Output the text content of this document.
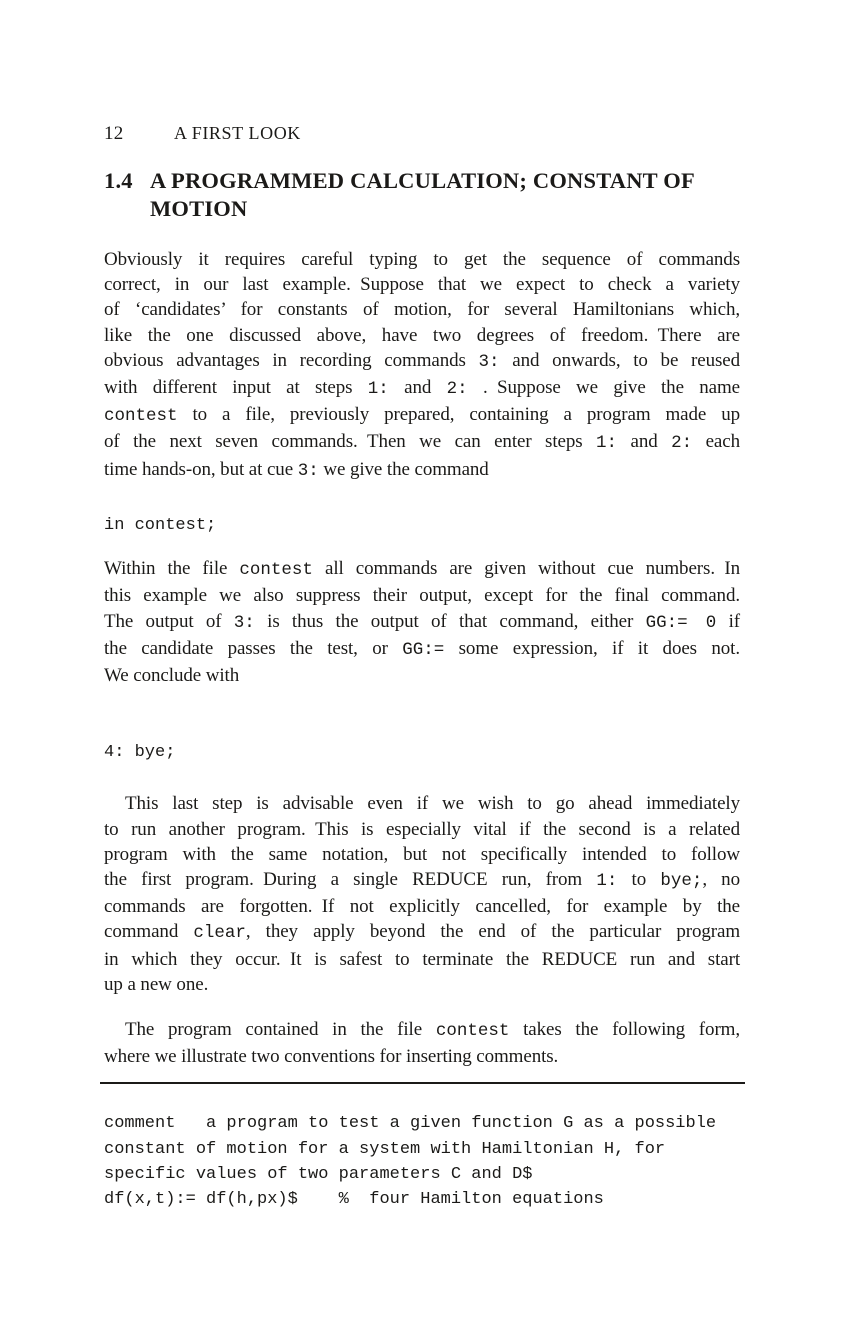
12	A FIRST LOOK
1.4 A PROGRAMMED CALCULATION; CONSTANT OF
MOTION
Obviously it requires careful typing to get the sequence of commands
correct, in our last example. Suppose that we expect to check a variety
of ‘candidates’ for constants of motion, for several Hamiltonians which,
like the one discussed above, have two degrees of freedom. There are
obvious advantages in recording commands 3: and onwards, to be reused
with different input at steps 1: and 2: . Suppose we give the name
contest to a file, previously prepared, containing a program made up
of the next seven commands. Then we can enter steps 1: and 2: each
time hands-on, but at cue 3: we give the command
in contest;
Within the file contest all commands are given without cue numbers. In
this example we also suppress their output, except for the final command.
The output of 3: is thus the output of that command, either GG:= 0 if
the candidate passes the test, or GG:= some expression, if it does not.
We conclude with
4: bye;
This last step is advisable even if we wish to go ahead immediately
to run another program. This is especially vital if the second is a related
program with the same notation, but not specifically intended to follow
the first program. During a single REDUCE run, from 1: to bye;, no
commands are forgotten. If not explicitly cancelled, for example by the
command clear, they apply beyond the end of the particular program
in which they occur. It is safest to terminate the REDUCE run and start
up a new one.
The program contained in the file contest takes the following form,
where we illustrate two conventions for inserting comments.
comment   a program to test a given function G as a possible
constant of motion for a system with Hamiltonian H, for
specific values of two parameters C and D$
df(x,t):= df(h,px)$    %  four Hamilton equations
